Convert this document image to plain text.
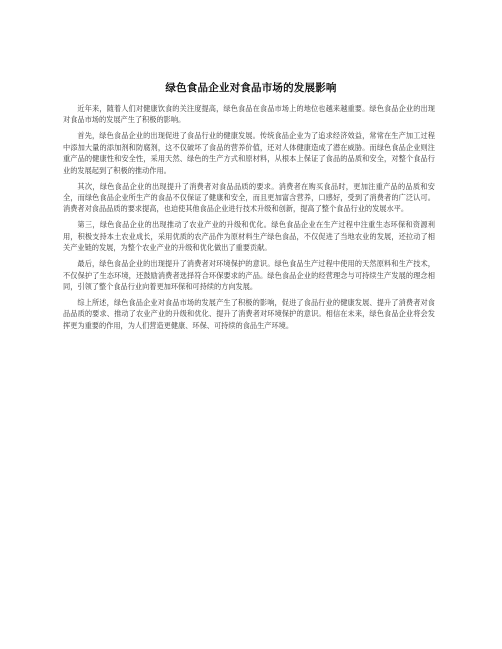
绿色食品企业对食品市场的发展影响

近年来，随着人们对健康饮食的关注度提高，绿色食品在食品市场上的地位也越来越重要。绿色食品企业的出现对食品市场的发展产生了积极的影响。

首先，绿色食品企业的出现促进了食品行业的健康发展。传统食品企业为了追求经济效益，常常在生产加工过程中添加大量的添加剂和防腐剂，这不仅破坏了食品的营养价值，还对人体健康造成了潜在威胁。而绿色食品企业则注重产品的健康性和安全性，采用天然、绿色的生产方式和原材料，从根本上保证了食品的品质和安全，对整个食品行业的发展起到了积极的推动作用。

其次，绿色食品企业的出现提升了消费者对食品品质的要求。消费者在购买食品时，更加注重产品的品质和安全，而绿色食品企业所生产的食品不仅保证了健康和安全，而且更加富含营养，口感好，受到了消费者的广泛认可。消费者对食品品质的要求提高，也迫使其他食品企业进行技术升级和创新，提高了整个食品行业的发展水平。

第三，绿色食品企业的出现推动了农业产业的升级和优化。绿色食品企业在生产过程中注重生态环保和资源利用，积极支持本土农业成长，采用优质的农产品作为原材料生产绿色食品，不仅促进了当地农业的发展，还拉动了相关产业链的发展，为整个农业产业的升级和优化做出了重要贡献。

最后，绿色食品企业的出现提升了消费者对环境保护的意识。绿色食品生产过程中使用的天然原料和生产技术，不仅保护了生态环境，还鼓励消费者选择符合环保要求的产品。绿色食品企业的经营理念与可持续生产发展的理念相同，引领了整个食品行业向着更加环保和可持续的方向发展。

综上所述，绿色食品企业对食品市场的发展产生了积极的影响，促进了食品行业的健康发展、提升了消费者对食品品质的要求、推动了农业产业的升级和优化、提升了消费者对环境保护的意识。相信在未来，绿色食品企业将会发挥更为重要的作用，为人们营造更健康、环保、可持续的食品生产环境。
